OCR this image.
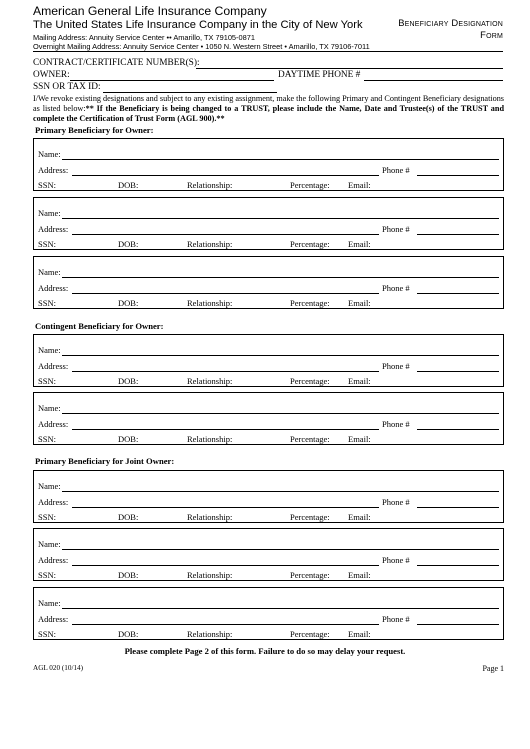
American General Life Insurance Company
The United States Life Insurance Company in the City of New York
Mailing Address: Annuity Service Center •• Amarillo, TX 79105-0871
Overnight Mailing Address: Annuity Service Center • 1050 N. Western Street • Amarillo, TX 79106-7011
Beneficiary Designation
Form
CONTRACT/CERTIFICATE NUMBER(S):
OWNER:	DAYTIME PHONE #
SSN OR TAX ID:
I/We revoke existing designations and subject to any existing assignment, make the following Primary and Contingent Beneficiary designations as listed below:** If the Beneficiary is being changed to a TRUST, please include the Name, Date and Trustee(s) of the TRUST and complete the Certification of Trust Form (AGL 900).**
Primary Beneficiary for Owner:
Name:
Address:	Phone #
SSN:	DOB:	Relationship:	Percentage: Email:
Name:
Address:	Phone #
SSN:	DOB:	Relationship:	Percentage: Email:
Name:
Address:	Phone #
SSN:	DOB:	Relationship:	Percentage: Email:
Name:
Address:	Phone #
SSN:	DOB:	Relationship:	Percentage: Email:
Name:
Address:	Phone #
SSN:	DOB:	Relationship:	Percentage: Email:
Name:
Address:	Phone #
SSN:	DOB:	Relationship:	Percentage: Email:
Name:
Address:	Phone #
SSN:	DOB:	Relationship:	Percentage: Email:
Name:
Address:	Phone #
SSN:	DOB:	Relationship:	Percentage: Email:
Contingent Beneficiary for Owner:
Primary Beneficiary for Joint Owner:
Please complete Page 2 of this form. Failure to do so may delay your request.
AGL 020 (10/14)	Page 1
